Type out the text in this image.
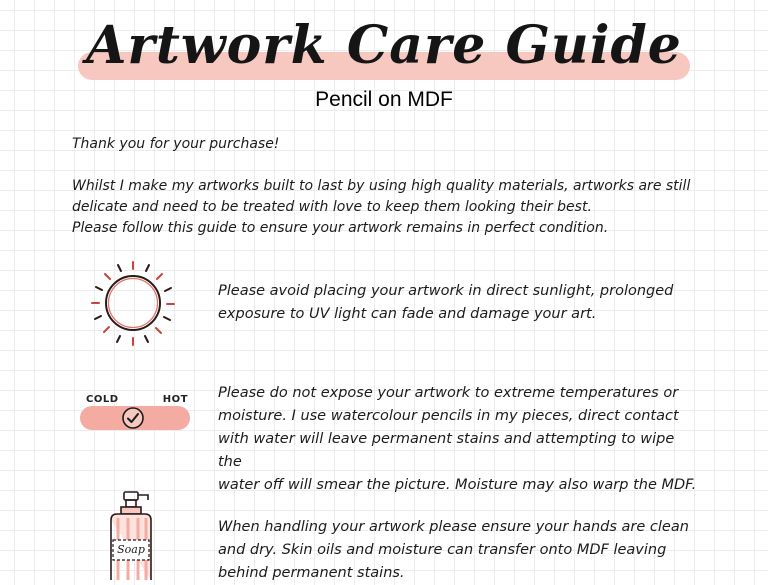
Artwork Care Guide
Pencil on MDF
Thank you for your purchase!

Whilst I make my artworks built to last by using high quality materials, artworks are still

delicate and need to be treated with love to keep them looking their best.

Please follow this guide to ensure your artwork remains in perfect condition.

Please avoid placing your artwork in direct sunlight, prolonged

exposure to UV light can fade and damage your art.

COLD	HOT Please do not expose your artwork to extreme temperatures or

moisture. I use watercolour pencils in my pieces, direct contact

with water will leave permanent stains and attempting to wipe the

water off will smear the picture. Moisture may also warp the MDF.

Soap

When handling your artwork please ensure your hands are clean

and dry. Skin oils and moisture can transfer onto MDF leaving

behind permanent stains.
